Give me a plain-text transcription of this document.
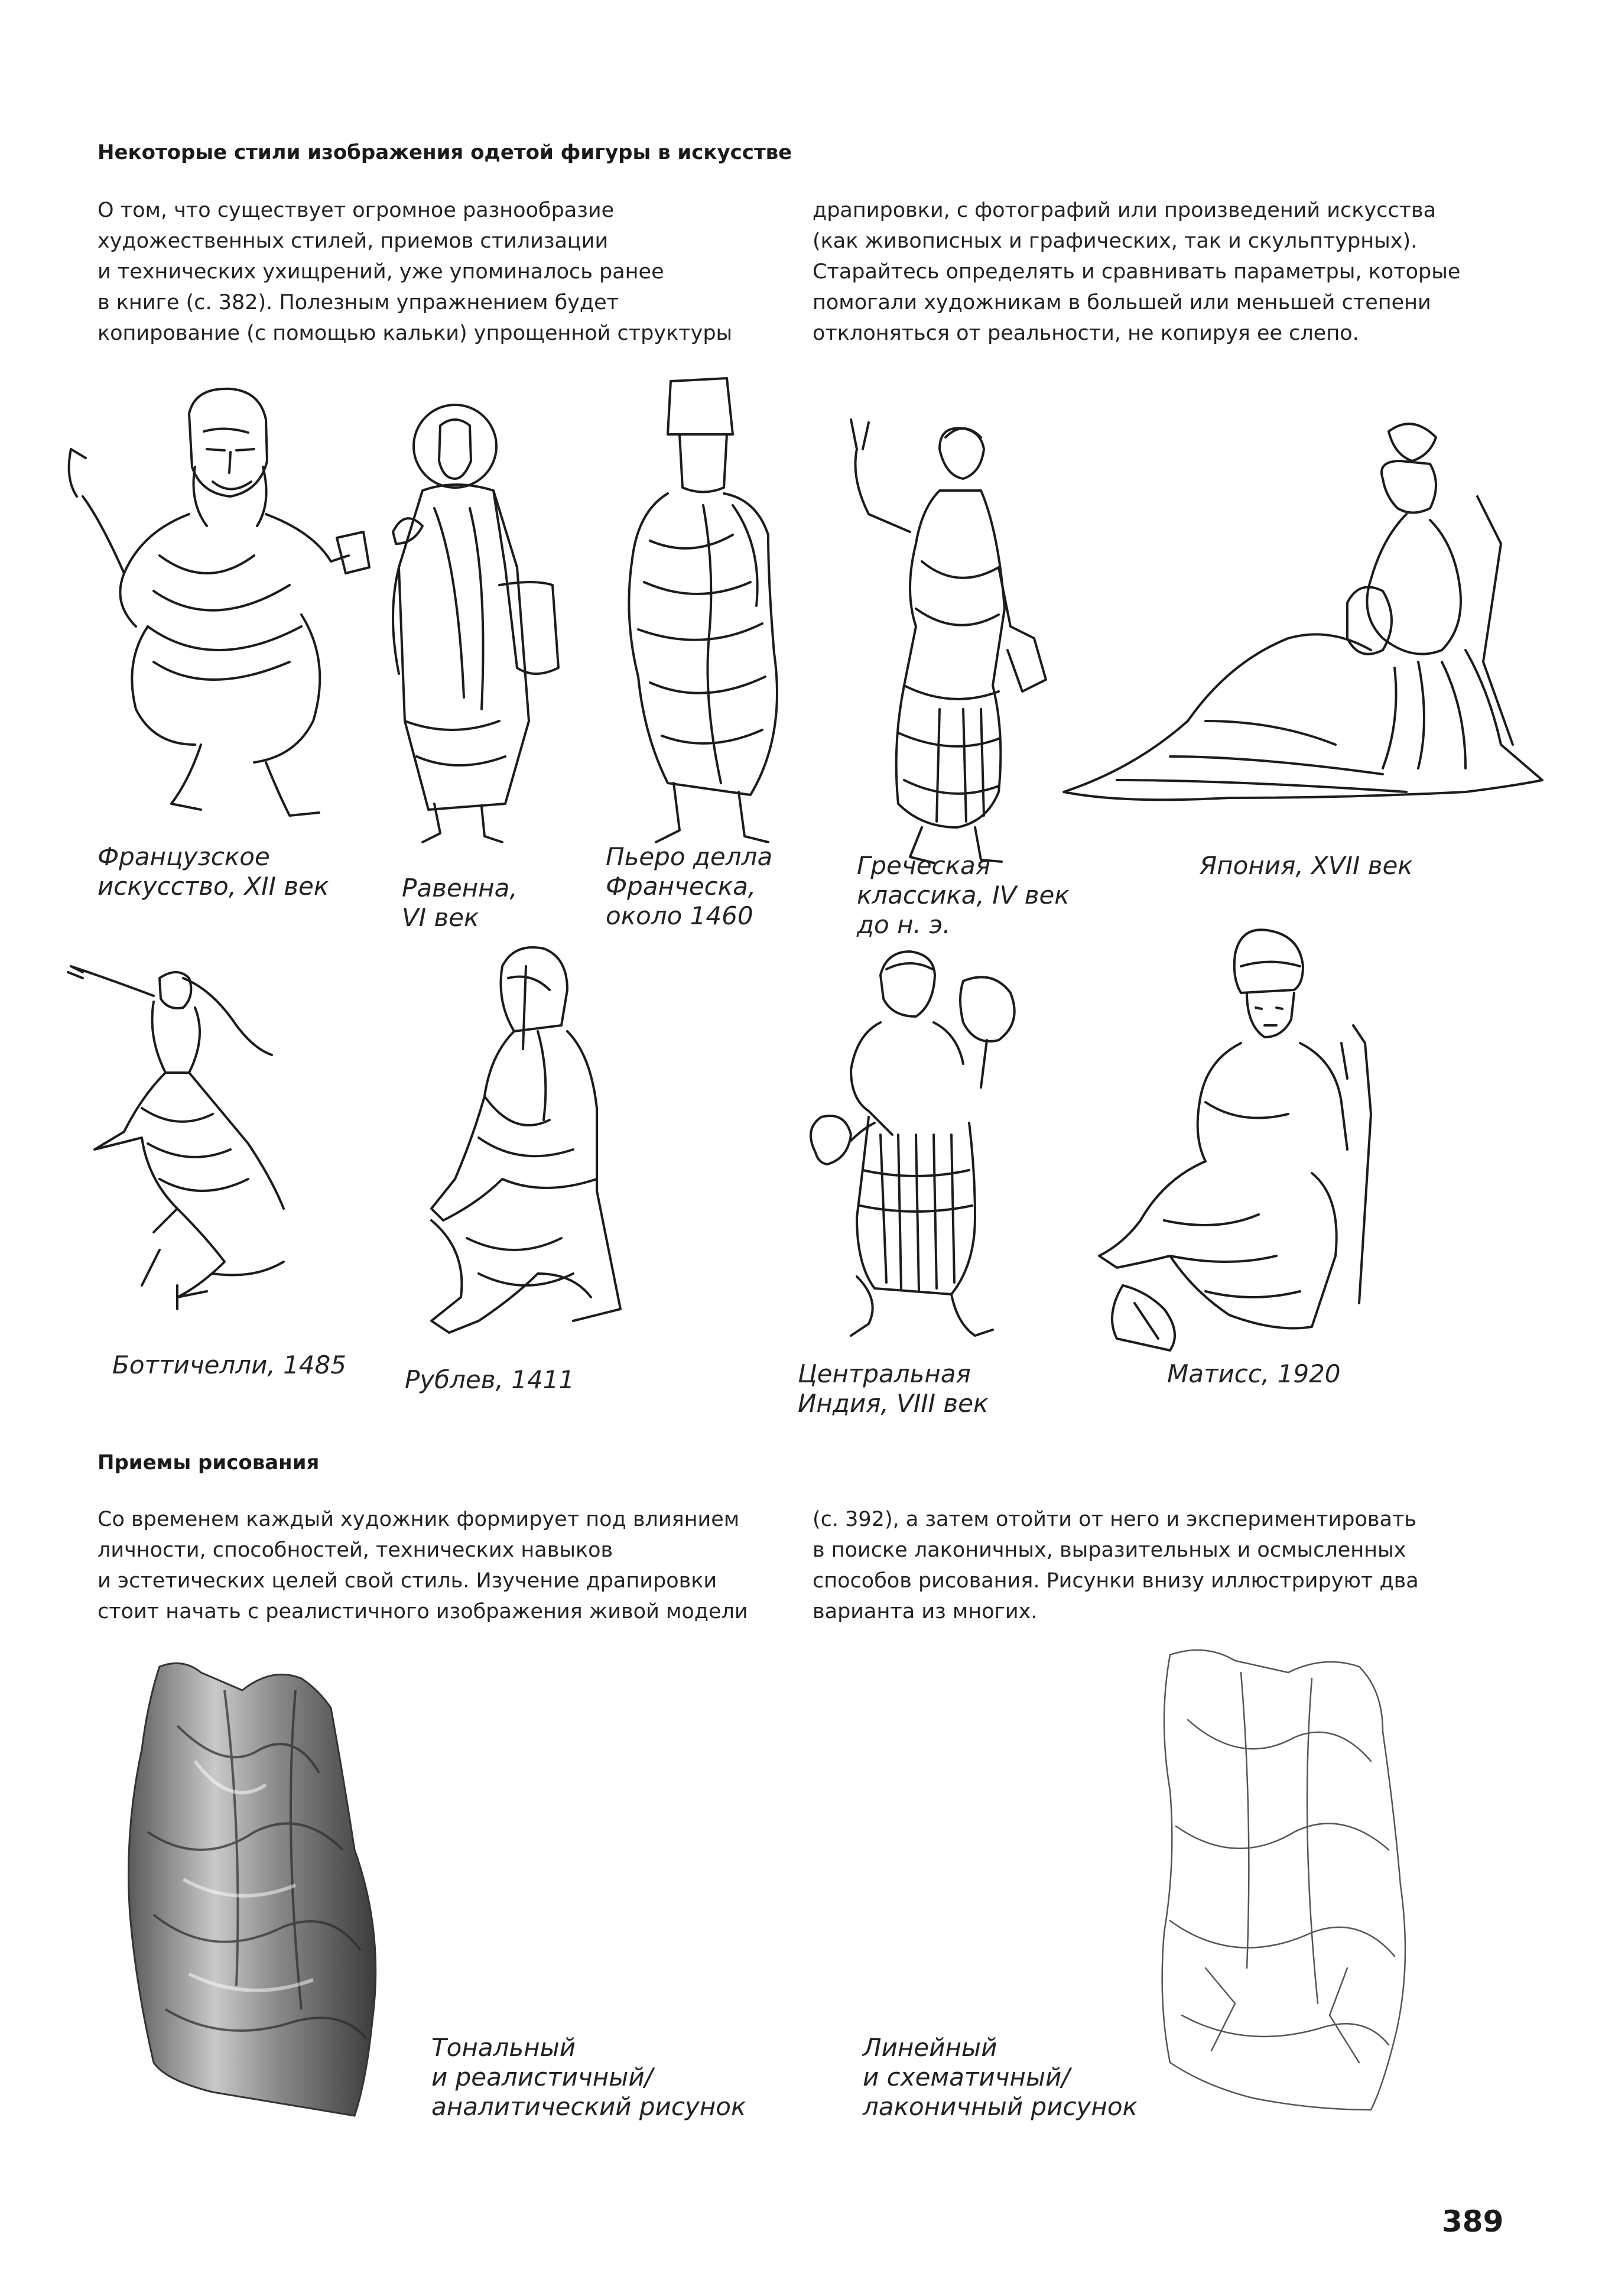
Некоторые стили изображения одетой фигуры в искусстве
О том, что существует огромное разнообразие
художественных стилей, приемов стилизации
и технических ухищрений, уже упоминалось ранее
в книге (с. 382). Полезным упражнением будет
копирование (с помощью кальки) упрощенной структуры
драпировки, с фотографий или произведений искусства
(как живописных и графических, так и скульптурных).
Старайтесь определять и сравнивать параметры, которые
помогали художникам в большей или меньшей степени
отклоняться от реальности, не копируя ее слепо.
Французское
искусство, XII век	Равенна,
VI век
Пьеро делла
Франческа,
около 1460
Греческая
классика, IV век
до н. э.
Япония, XVII век
Боттичелли, 1485
Рублев, 1411	Центральная
Индия, VIII век
Матисс, 1920
Приемы рисования
Со временем каждый художник формирует под влиянием
личности, способностей, технических навыков
и эстетических целей свой стиль. Изучение драпировки
стоит начать с реалистичного изображения живой модели
(с. 392), а затем отойти от него и экспериментировать
в поиске лаконичных, выразительных и осмысленных
способов рисования. Рисунки внизу иллюстрируют два
варианта из многих.
Тональный
и реалистичный/
аналитический рисунок
Линейный
и схематичный/
лаконичный рисунок
389
